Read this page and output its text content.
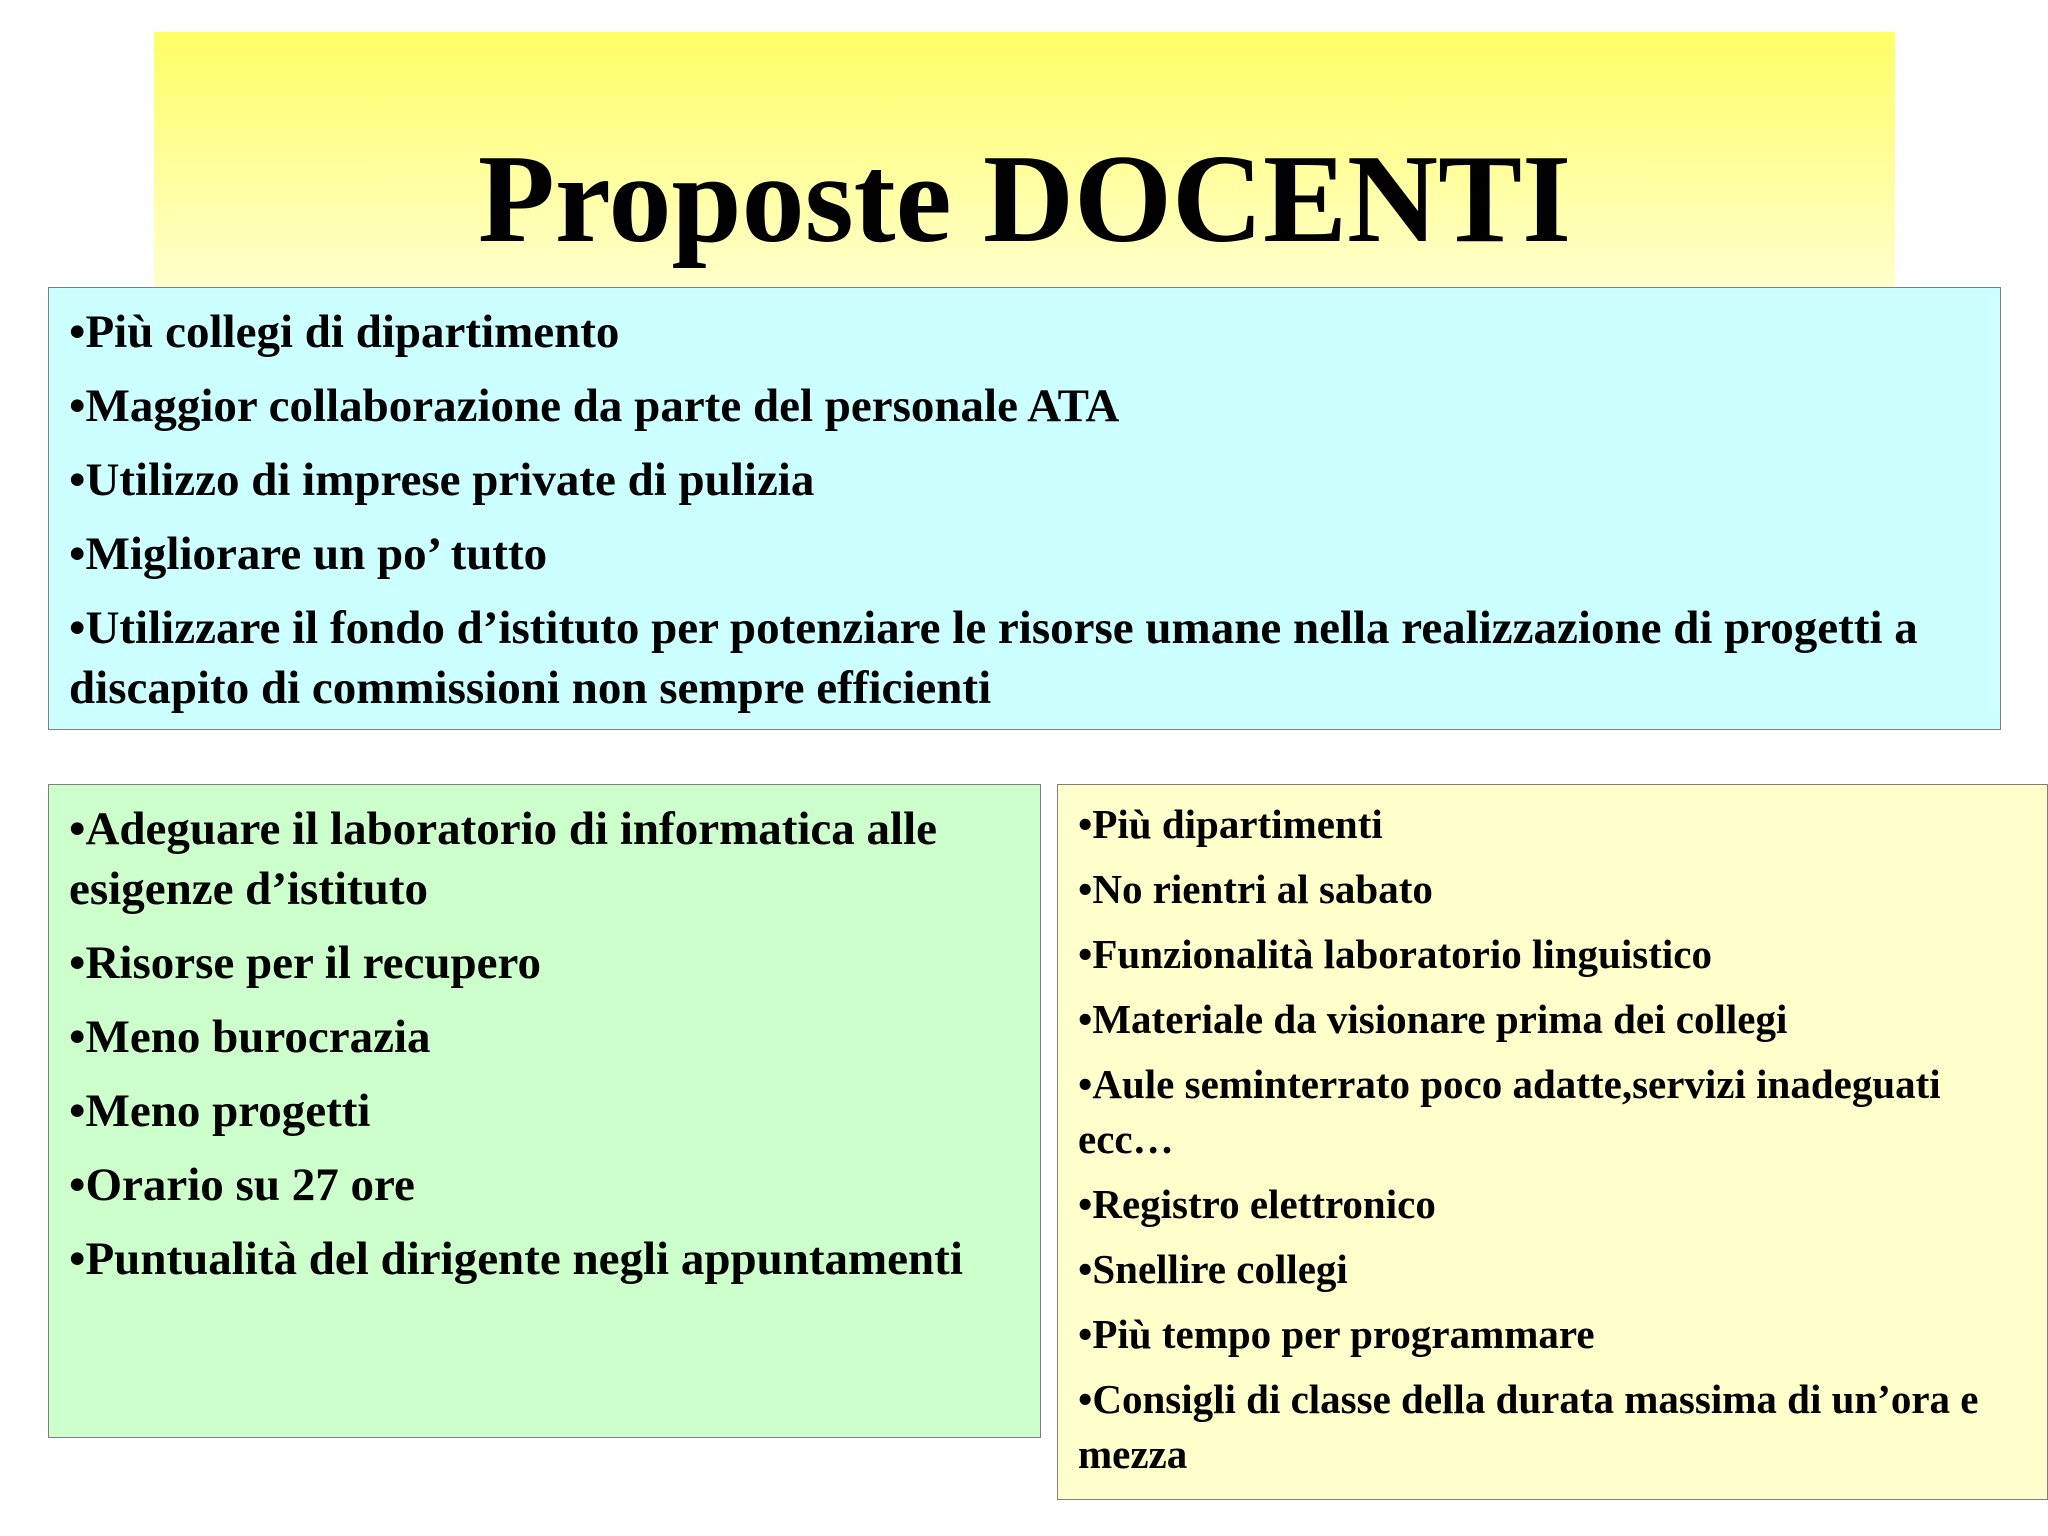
Proposte DOCENTI
• Più collegi di dipartimento
• Maggior collaborazione da parte del personale ATA
• Utilizzo di imprese private di pulizia
• Migliorare un po’ tutto
• Utilizzare il fondo d’istituto per potenziare le risorse umane nella realizzazione di progetti a discapito di commissioni non sempre efficienti
• Adeguare il laboratorio di informatica alle esigenze d’istituto
• Risorse per il recupero
• Meno burocrazia
• Meno progetti
• Orario su 27 ore
• Puntualità del dirigente negli appuntamenti
• Più dipartimenti
• No rientri al sabato
• Funzionalità laboratorio linguistico
• Materiale da visionare prima dei collegi
• Aule seminterrato poco adatte,servizi inadeguati ecc…
• Registro elettronico
• Snellire collegi
• Più tempo per programmare
• Consigli di classe della durata massima di un’ora e mezza
